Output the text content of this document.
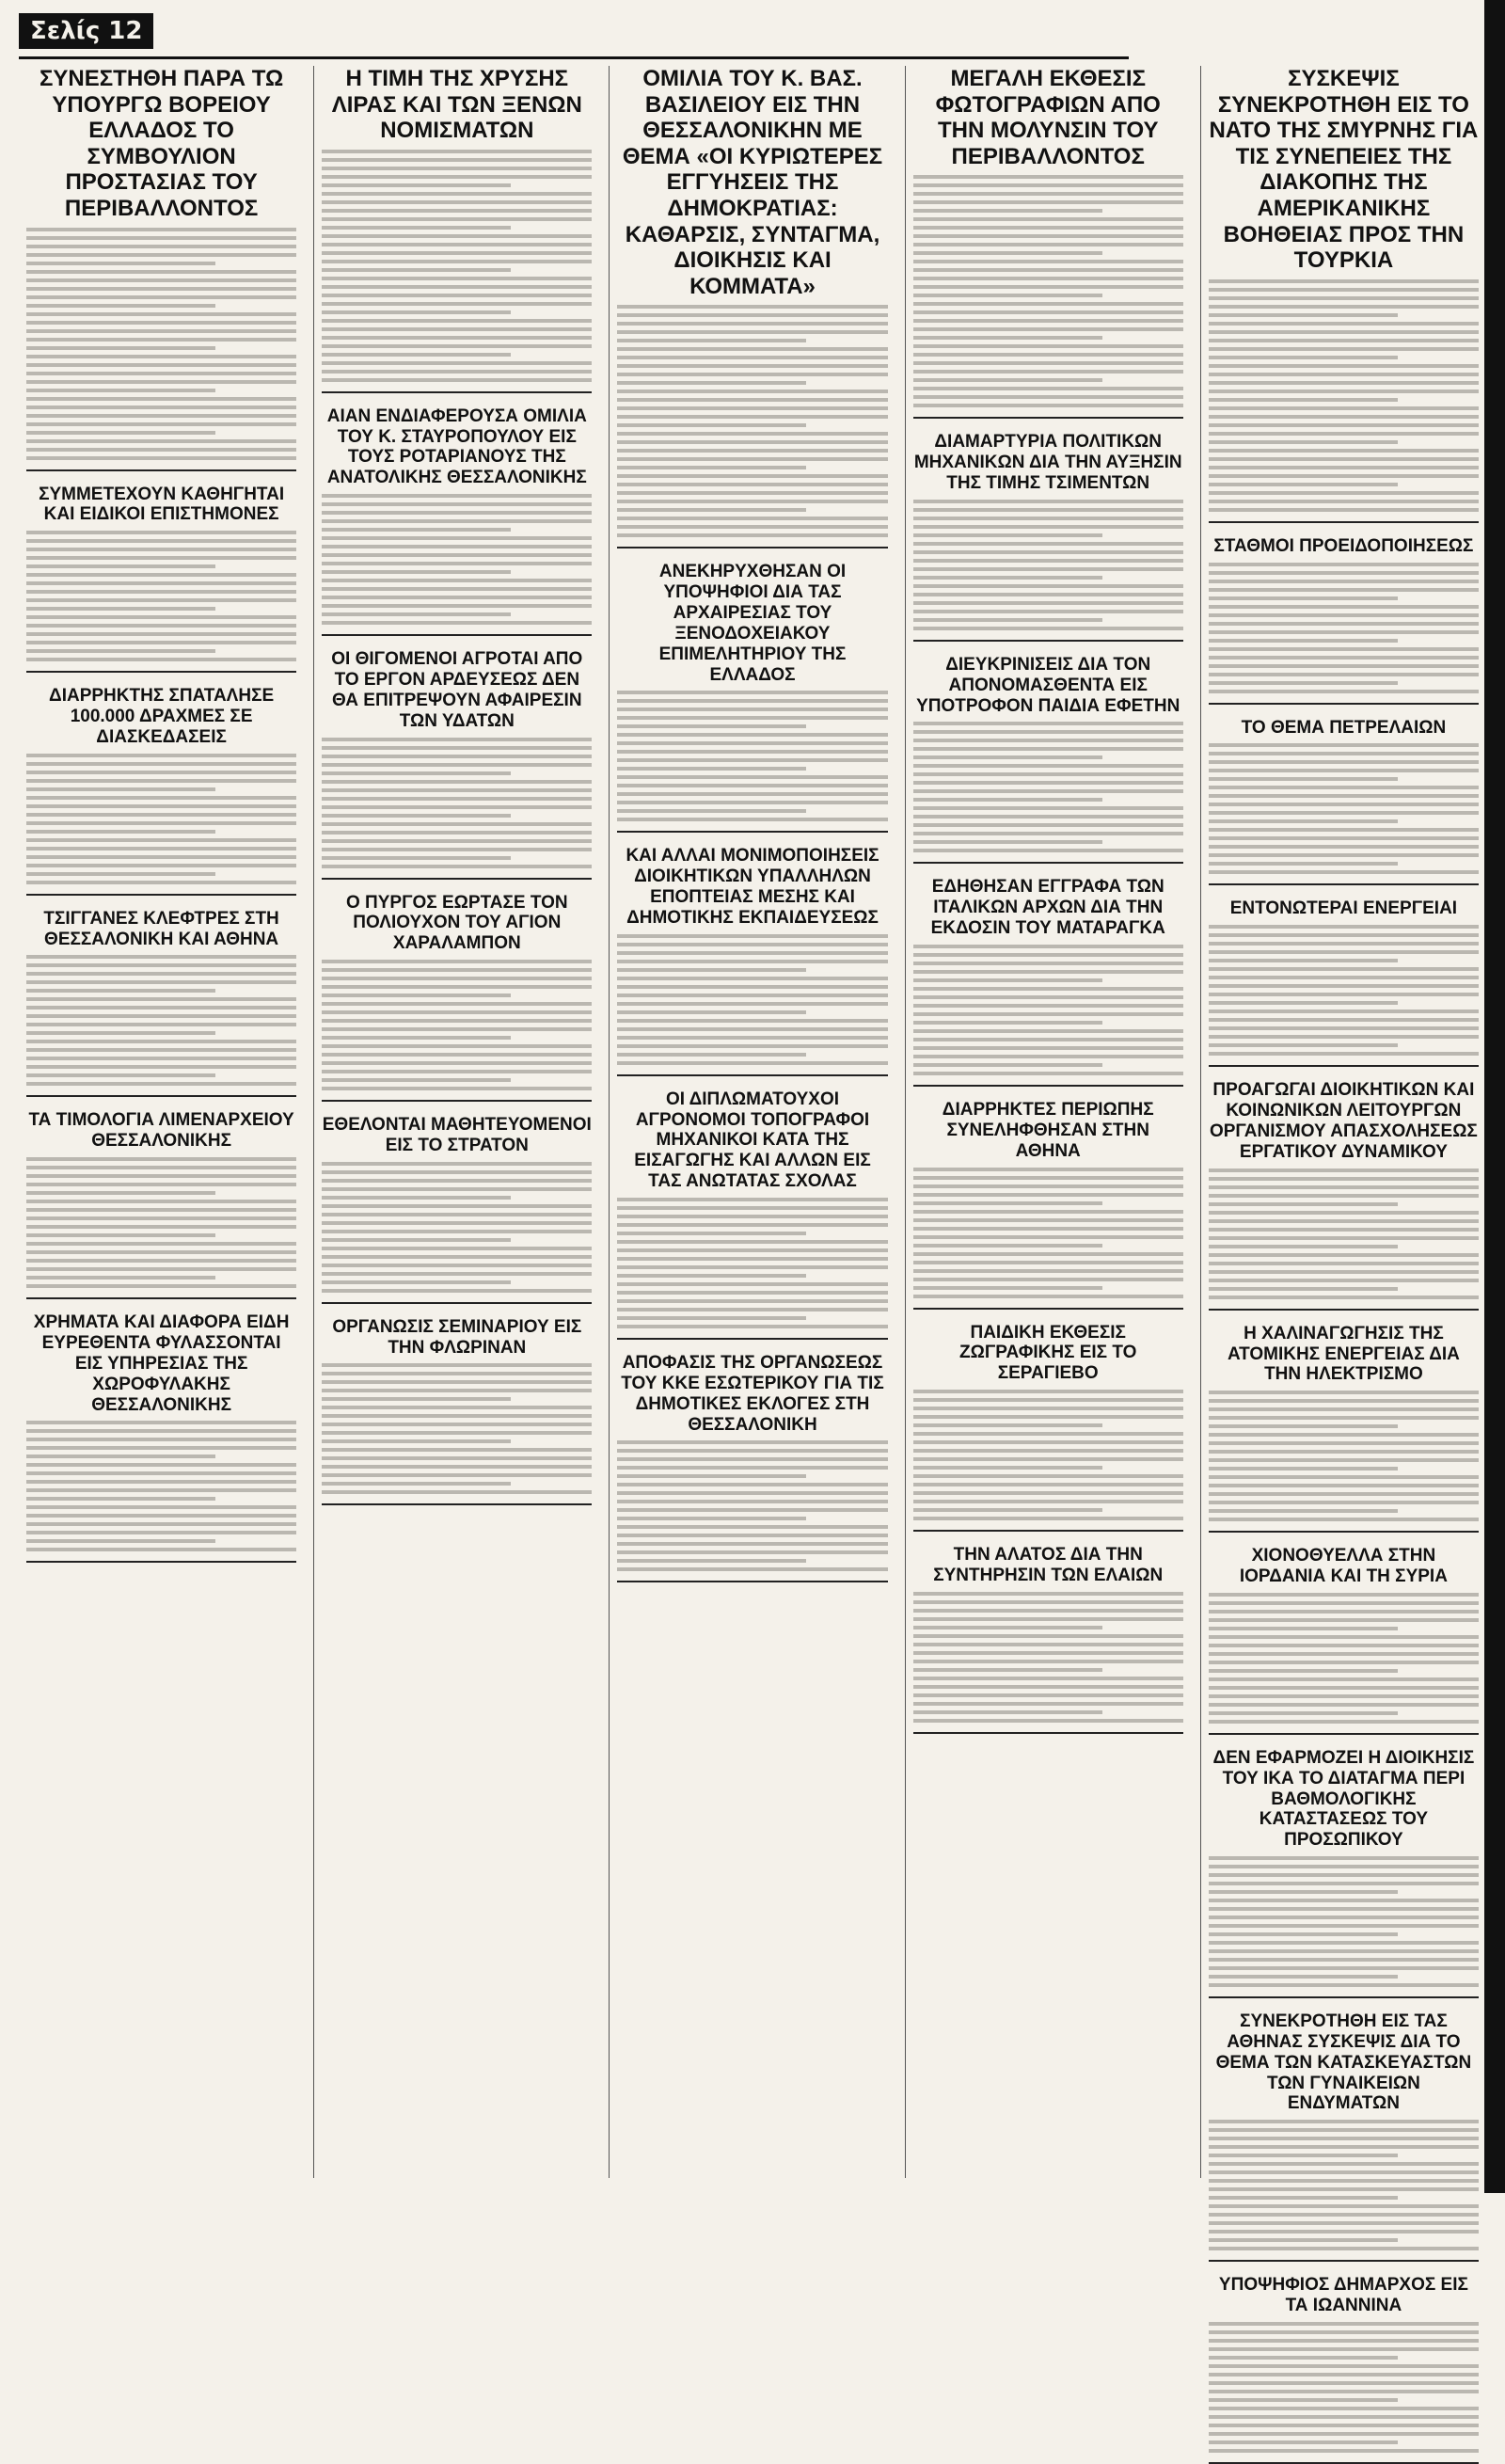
Σελίς 12
ΣΥΝΕΣΤΗΘΗ ΠΑΡΑ ΤΩ ΥΠΟΥΡΓΩ ΒΟΡΕΙΟΥ ΕΛΛΑΔΟΣ ΤΟ ΣΥΜΒΟΥΛΙΟΝ ΠΡΟΣΤΑΣΙΑΣ ΤΟΥ ΠΕΡΙΒΑΛΛΟΝΤΟΣ
ΣΥΜΜΕΤΕΧΟΥΝ ΚΑΘΗΓΗΤΑΙ ΚΑΙ ΕΙΔΙΚΟΙ ΕΠΙΣΤΗΜΟΝΕΣ
ΔΙΑΡΡΗΚΤΗΣ ΣΠΑΤΑΛΗΣΕ 100.000 ΔΡΑΧΜΕΣ ΣΕ ΔΙΑΣΚΕΔΑΣΕΙΣ
ΤΣΙΓΓΑΝΕΣ ΚΛΕΦΤΡΕΣ ΣΤΗ ΘΕΣΣΑΛΟΝΙΚΗ ΚΑΙ ΑΘΗΝΑ
ΤΑ ΤΙΜΟΛΟΓΙΑ ΛΙΜΕΝΑΡΧΕΙΟΥ ΘΕΣΣΑΛΟΝΙΚΗΣ
ΧΡΗΜΑΤΑ ΚΑΙ ΔΙΑΦΟΡΑ ΕΙΔΗ ΕΥΡΕΘΕΝΤΑ ΦΥΛΑΣΣΟΝΤΑΙ ΕΙΣ ΥΠΗΡΕΣΙΑΣ ΤΗΣ ΧΩΡΟΦΥΛΑΚΗΣ ΘΕΣΣΑΛΟΝΙΚΗΣ
Η ΤΙΜΗ ΤΗΣ ΧΡΥΣΗΣ ΛΙΡΑΣ ΚΑΙ ΤΩΝ ΞΕΝΩΝ ΝΟΜΙΣΜΑΤΩΝ
ΑΙΑΝ ΕΝΔΙΑΦΕΡΟΥΣΑ ΟΜΙΛΙΑ ΤΟΥ Κ. ΣΤΑΥΡΟΠΟΥΛΟΥ ΕΙΣ ΤΟΥΣ ΡΟΤΑΡΙΑΝΟΥΣ ΤΗΣ ΑΝΑΤΟΛΙΚΗΣ ΘΕΣΣΑΛΟΝΙΚΗΣ
ΟΙ ΘΙΓΟΜΕΝΟΙ ΑΓΡΟΤΑΙ ΑΠΟ ΤΟ ΕΡΓΟΝ ΑΡΔΕΥΣΕΩΣ ΔΕΝ ΘΑ ΕΠΙΤΡΕΨΟΥΝ ΑΦΑΙΡΕΣΙΝ ΤΩΝ ΥΔΑΤΩΝ
Ο ΠΥΡΓΟΣ ΕΩΡΤΑΣΕ ΤΟΝ ΠΟΛΙΟΥΧΟΝ ΤΟΥ ΑΓΙΟΝ ΧΑΡΑΛΑΜΠΟΝ
ΕΘΕΛΟΝΤΑΙ ΜΑΘΗΤΕΥΟΜΕΝΟΙ ΕΙΣ ΤΟ ΣΤΡΑΤΟΝ
ΟΡΓΑΝΩΣΙΣ ΣΕΜΙΝΑΡΙΟΥ ΕΙΣ ΤΗΝ ΦΛΩΡΙΝΑΝ
ΟΜΙΛΙΑ ΤΟΥ Κ. ΒΑΣ. ΒΑΣΙΛΕΙΟΥ ΕΙΣ ΤΗΝ ΘΕΣΣΑΛΟΝΙΚΗΝ ΜΕ ΘΕΜΑ «ΟΙ ΚΥΡΙΩΤΕΡΕΣ ΕΓΓΥΗΣΕΙΣ ΤΗΣ ΔΗΜΟΚΡΑΤΙΑΣ: ΚΑΘΑΡΣΙΣ, ΣΥΝΤΑΓΜΑ, ΔΙΟΙΚΗΣΙΣ ΚΑΙ ΚΟΜΜΑΤΑ»
ΑΝΕΚΗΡΥΧΘΗΣΑΝ ΟΙ ΥΠΟΨΗΦΙΟΙ ΔΙΑ ΤΑΣ ΑΡΧΑΙΡΕΣΙΑΣ ΤΟΥ ΞΕΝΟΔΟΧΕΙΑΚΟΥ ΕΠΙΜΕΛΗΤΗΡΙΟΥ ΤΗΣ ΕΛΛΑΔΟΣ
ΚΑΙ ΑΛΛΑΙ ΜΟΝΙΜΟΠΟΙΗΣΕΙΣ ΔΙΟΙΚΗΤΙΚΩΝ ΥΠΑΛΛΗΛΩΝ ΕΠΟΠΤΕΙΑΣ ΜΕΣΗΣ ΚΑΙ ΔΗΜΟΤΙΚΗΣ ΕΚΠΑΙΔΕΥΣΕΩΣ
ΟΙ ΔΙΠΛΩΜΑΤΟΥΧΟΙ ΑΓΡΟΝΟΜΟΙ ΤΟΠΟΓΡΑΦΟΙ ΜΗΧΑΝΙΚΟΙ ΚΑΤΑ ΤΗΣ ΕΙΣΑΓΩΓΗΣ ΚΑΙ ΑΛΛΩΝ ΕΙΣ ΤΑΣ ΑΝΩΤΑΤΑΣ ΣΧΟΛΑΣ
ΑΠΟΦΑΣΙΣ ΤΗΣ ΟΡΓΑΝΩΣΕΩΣ ΤΟΥ ΚΚΕ ΕΣΩΤΕΡΙΚΟΥ ΓΙΑ ΤΙΣ ΔΗΜΟΤΙΚΕΣ ΕΚΛΟΓΕΣ ΣΤΗ ΘΕΣΣΑΛΟΝΙΚΗ
ΜΕΓΑΛΗ ΕΚΘΕΣΙΣ ΦΩΤΟΓΡΑΦΙΩΝ ΑΠΟ ΤΗΝ ΜΟΛΥΝΣΙΝ ΤΟΥ ΠΕΡΙΒΑΛΛΟΝΤΟΣ
ΔΙΑΜΑΡΤΥΡΙΑ ΠΟΛΙΤΙΚΩΝ ΜΗΧΑΝΙΚΩΝ ΔΙΑ ΤΗΝ ΑΥΞΗΣΙΝ ΤΗΣ ΤΙΜΗΣ ΤΣΙΜΕΝΤΩΝ
ΔΙΕΥΚΡΙΝΙΣΕΙΣ ΔΙΑ ΤΟΝ ΑΠΟΝΟΜΑΣΘΕΝΤΑ ΕΙΣ ΥΠΟΤΡΟΦΟΝ ΠΑΙΔΙΑ ΕΦΕΤΗΝ
ΕΔΗΘΗΣΑΝ ΕΓΓΡΑΦΑ ΤΩΝ ΙΤΑΛΙΚΩΝ ΑΡΧΩΝ ΔΙΑ ΤΗΝ ΕΚΔΟΣΙΝ ΤΟΥ ΜΑΤΑΡΑΓΚΑ
ΔΙΑΡΡΗΚΤΕΣ ΠΕΡΙΩΠΗΣ ΣΥΝΕΛΗΦΘΗΣΑΝ ΣΤΗΝ ΑΘΗΝΑ
ΠΑΙΔΙΚΗ ΕΚΘΕΣΙΣ ΖΩΓΡΑΦΙΚΗΣ ΕΙΣ ΤΟ ΣΕΡΑΓΙΕΒΟ
ΤΗΝ ΑΛΑΤΟΣ ΔΙΑ ΤΗΝ ΣΥΝΤΗΡΗΣΙΝ ΤΩΝ ΕΛΑΙΩΝ
ΣΥΣΚΕΨΙΣ ΣΥΝΕΚΡΟΤΗΘΗ ΕΙΣ ΤΟ ΝΑΤΟ ΤΗΣ ΣΜΥΡΝΗΣ ΓΙΑ ΤΙΣ ΣΥΝΕΠΕΙΕΣ ΤΗΣ ΔΙΑΚΟΠΗΣ ΤΗΣ ΑΜΕΡΙΚΑΝΙΚΗΣ ΒΟΗΘΕΙΑΣ ΠΡΟΣ ΤΗΝ ΤΟΥΡΚΙΑ
ΣΤΑΘΜΟΙ ΠΡΟΕΙΔΟΠΟΙΗΣΕΩΣ
ΤΟ ΘΕΜΑ ΠΕΤΡΕΛΑΙΩΝ
ΕΝΤΟΝΩΤΕΡΑΙ ΕΝΕΡΓΕΙΑΙ
ΠΡΟΑΓΩΓΑΙ ΔΙΟΙΚΗΤΙΚΩΝ ΚΑΙ ΚΟΙΝΩΝΙΚΩΝ ΛΕΙΤΟΥΡΓΩΝ ΟΡΓΑΝΙΣΜΟΥ ΑΠΑΣΧΟΛΗΣΕΩΣ ΕΡΓΑΤΙΚΟΥ ΔΥΝΑΜΙΚΟΥ
Η ΧΑΛΙΝΑΓΩΓΗΣΙΣ ΤΗΣ ΑΤΟΜΙΚΗΣ ΕΝΕΡΓΕΙΑΣ ΔΙΑ ΤΗΝ ΗΛΕΚΤΡΙΣΜΟ
ΧΙΟΝΟΘΥΕΛΛΑ ΣΤΗΝ ΙΟΡΔΑΝΙΑ ΚΑΙ ΤΗ ΣΥΡΙΑ
ΔΕΝ ΕΦΑΡΜΟΖΕΙ Η ΔΙΟΙΚΗΣΙΣ ΤΟΥ ΙΚΑ ΤΟ ΔΙΑΤΑΓΜΑ ΠΕΡΙ ΒΑΘΜΟΛΟΓΙΚΗΣ ΚΑΤΑΣΤΑΣΕΩΣ ΤΟΥ ΠΡΟΣΩΠΙΚΟΥ
ΣΥΝΕΚΡΟΤΗΘΗ ΕΙΣ ΤΑΣ ΑΘΗΝΑΣ ΣΥΣΚΕΨΙΣ ΔΙΑ ΤΟ ΘΕΜΑ ΤΩΝ ΚΑΤΑΣΚΕΥΑΣΤΩΝ ΤΩΝ ΓΥΝΑΙΚΕΙΩΝ ΕΝΔΥΜΑΤΩΝ
ΥΠΟΨΗΦΙΟΣ ΔΗΜΑΡΧΟΣ ΕΙΣ ΤΑ ΙΩΑΝΝΙΝΑ
